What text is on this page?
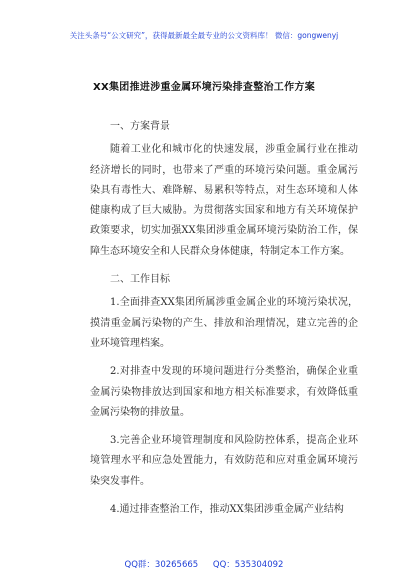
关注头条号“公文研究”，获得最新最全最专业的公文资料库！ 微信：gongwenyj
XX集团推进涉重金属环境污染排查整治工作方案

一、方案背景

随着工业化和城市化的快速发展，涉重金属行业在推动经济增长的同时，也带来了严重的环境污染问题。重金属污染具有毒性大、难降解、易累积等特点，对生态环境和人体健康构成了巨大威胁。为贯彻落实国家和地方有关环境保护政策要求，切实加强XX集团涉重金属环境污染防治工作，保障生态环境安全和人民群众身体健康，特制定本工作方案。

二、工作目标

1.全面排查XX集团所属涉重金属企业的环境污染状况，摸清重金属污染物的产生、排放和治理情况，建立完善的企业环境管理档案。

2.对排查中发现的环境问题进行分类整治，确保企业重金属污染物排放达到国家和地方相关标准要求，有效降低重金属污染物的排放量。

3.完善企业环境管理制度和风险防控体系，提高企业环境管理水平和应急处置能力，有效防范和应对重金属环境污染突发事件。

4.通过排查整治工作，推动XX集团涉重金属产业结构

QQ群：30265665 QQ：535304092
